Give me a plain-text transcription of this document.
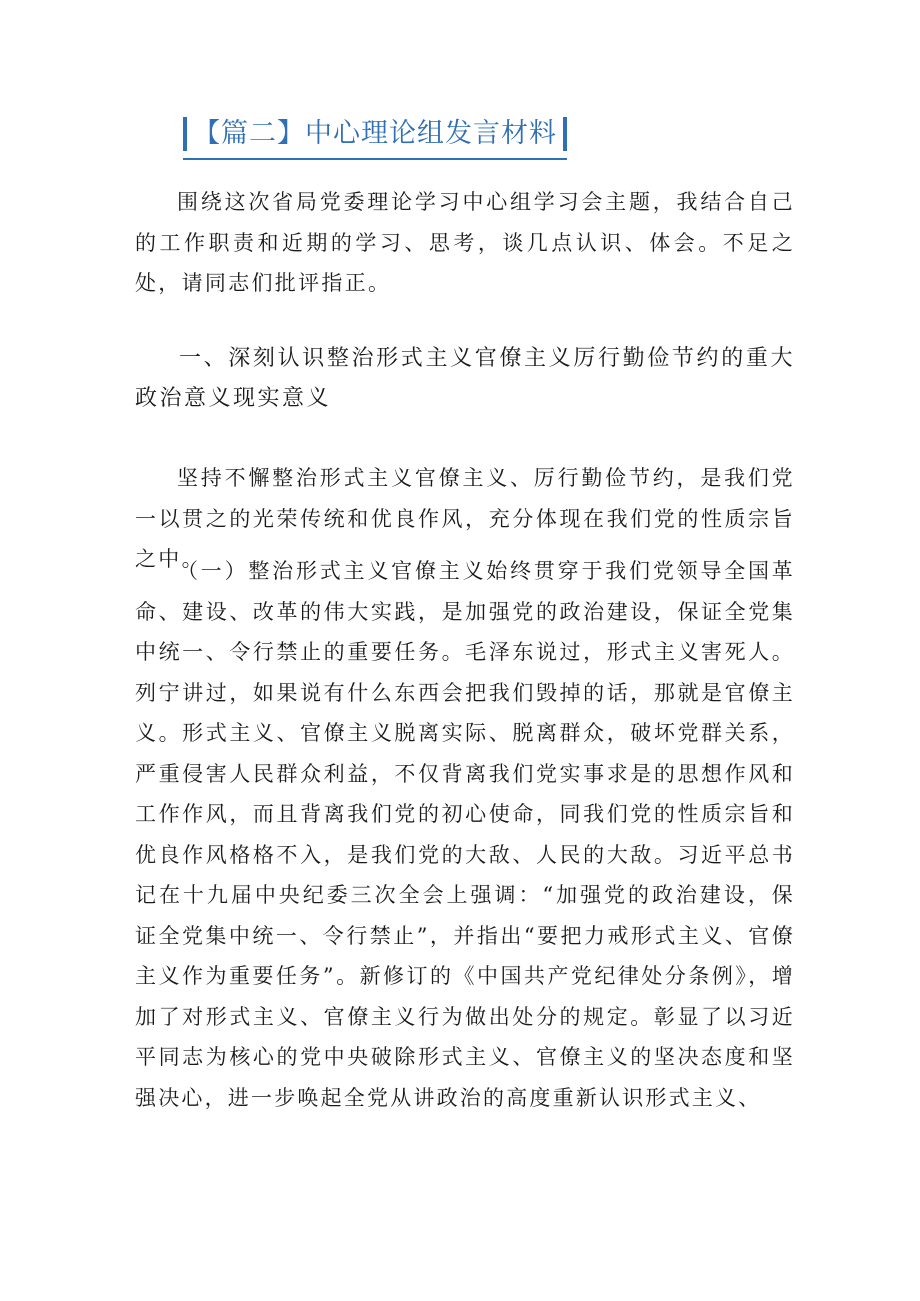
【篇二】中心理论组发言材料

围绕这次省局党委理论学习中心组学习会主题，我结合自己的工作职责和近期的学习、思考，谈几点认识、体会。不足之处，请同志们批评指正。

一、深刻认识整治形式主义官僚主义厉行勤俭节约的重大政治意义现实意义

坚持不懈整治形式主义官僚主义、厉行勤俭节约，是我们党一以贯之的光荣传统和优良作风，充分体现在我们党的性质宗旨之中。

（一）整治形式主义官僚主义始终贯穿于我们党领导全国革命、建设、改革的伟大实践，是加强党的政治建设，保证全党集中统一、令行禁止的重要任务。毛泽东说过，形式主义害死人。列宁讲过，如果说有什么东西会把我们毁掉的话，那就是官僚主义。形式主义、官僚主义脱离实际、脱离群众，破坏党群关系，严重侵害人民群众利益，不仅背离我们党实事求是的思想作风和工作作风，而且背离我们党的初心使命，同我们党的性质宗旨和优良作风格格不入，是我们党的大敌、人民的大敌。习近平总书记在十九届中央纪委三次全会上强调：“加强党的政治建设，保证全党集中统一、令行禁止”，并指出“要把力戒形式主义、官僚主义作为重要任务”。新修订的《中国共产党纪律处分条例》，增加了对形式主义、官僚主义行为做出处分的规定。彰显了以习近平同志为核心的党中央破除形式主义、官僚主义的坚决态度和坚强决心，进一步唤起全党从讲政治的高度重新认识形式主义、
